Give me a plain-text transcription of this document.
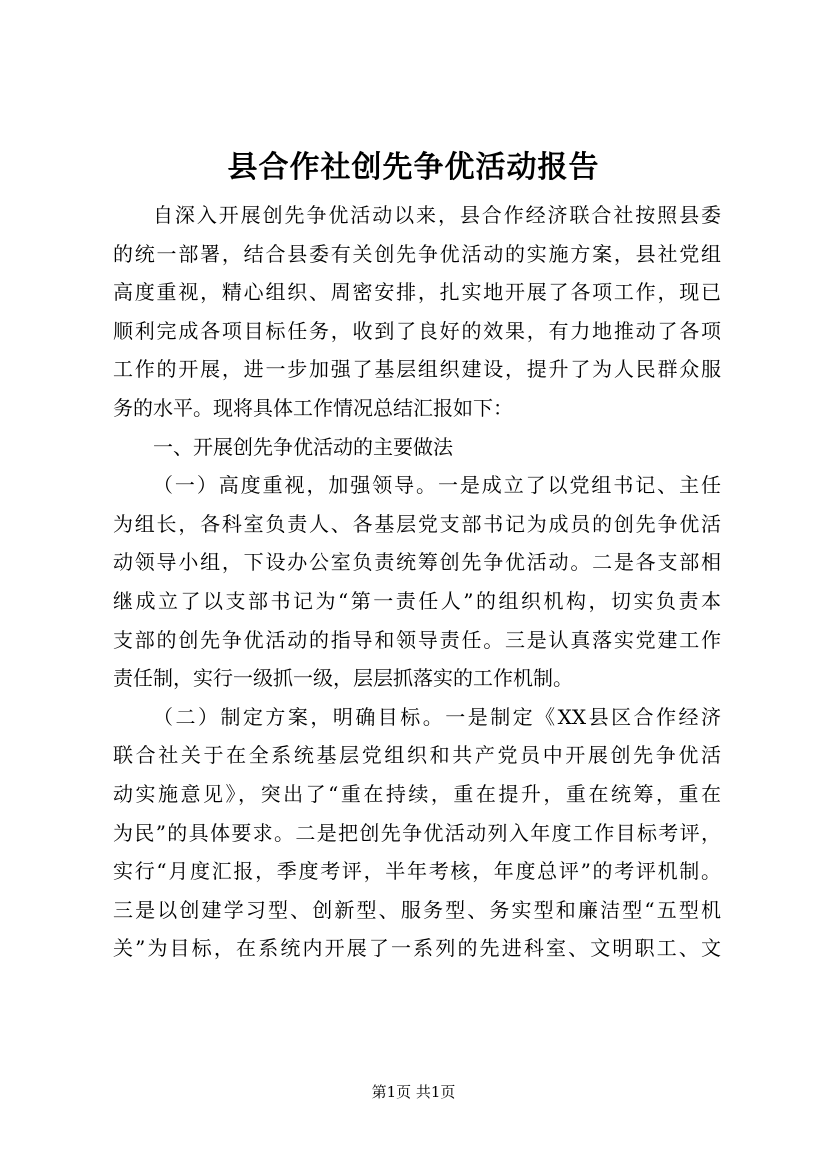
县合作社创先争优活动报告
自深入开展创先争优活动以来，县合作经济联合社按照县委
的统一部署，结合县委有关创先争优活动的实施方案，县社党组
高度重视，精心组织、周密安排，扎实地开展了各项工作，现已
顺利完成各项目标任务，收到了良好的效果，有力地推动了各项
工作的开展，进一步加强了基层组织建设，提升了为人民群众服
务的水平。现将具体工作情况总结汇报如下：
一、开展创先争优活动的主要做法
（一）高度重视，加强领导。一是成立了以党组书记、主任
为组长，各科室负责人、各基层党支部书记为成员的创先争优活
动领导小组，下设办公室负责统筹创先争优活动。二是各支部相
继成立了以支部书记为“第一责任人”的组织机构，切实负责本
支部的创先争优活动的指导和领导责任。三是认真落实党建工作
责任制，实行一级抓一级，层层抓落实的工作机制。
（二）制定方案，明确目标。一是制定《XX县区合作经济
联合社关于在全系统基层党组织和共产党员中开展创先争优活
动实施意见》，突出了“重在持续，重在提升，重在统筹，重在
为民”的具体要求。二是把创先争优活动列入年度工作目标考评，
实行“月度汇报，季度考评，半年考核，年度总评”的考评机制。
三是以创建学习型、创新型、服务型、务实型和廉洁型“五型机
关”为目标，在系统内开展了一系列的先进科室、文明职工、文
第1页 共1页
